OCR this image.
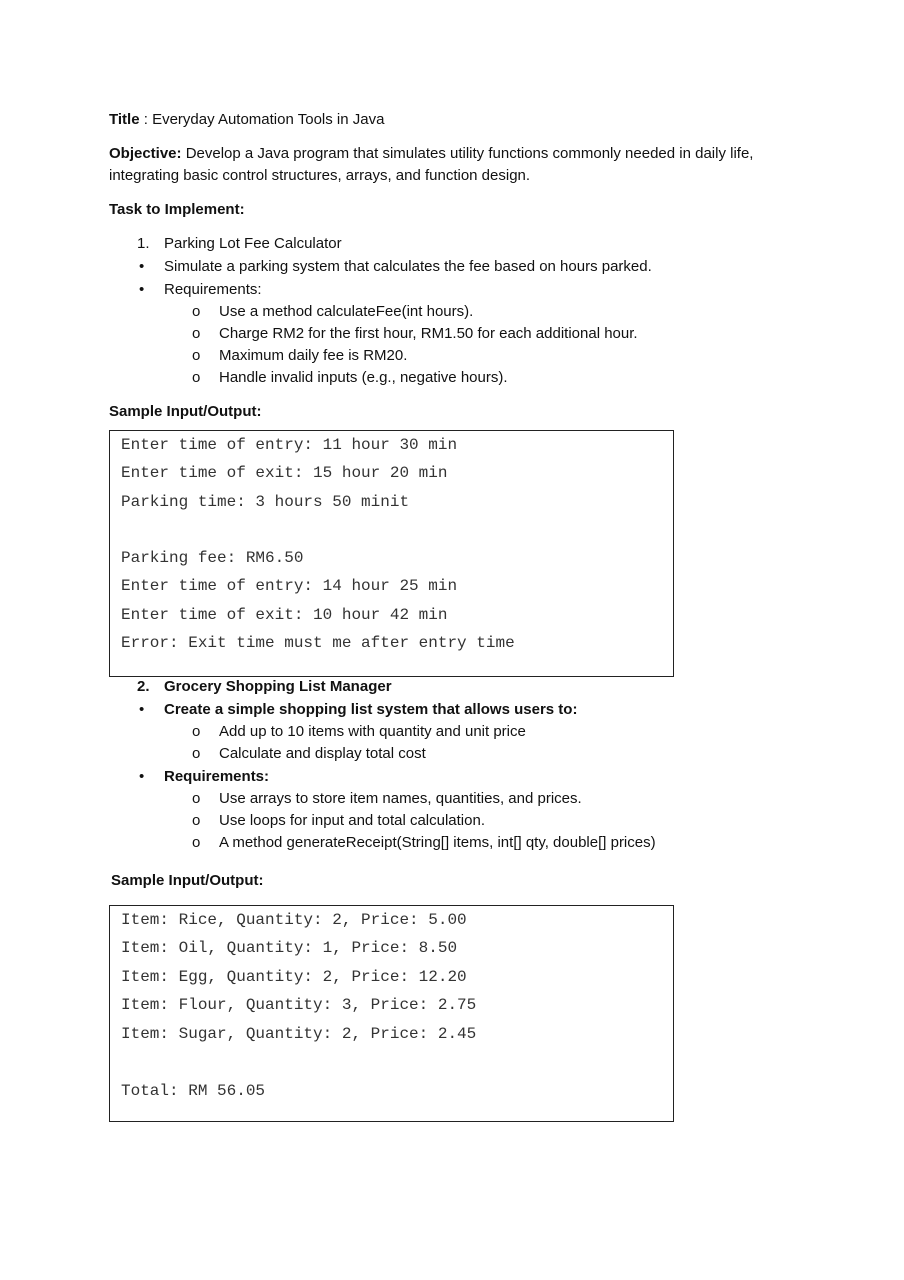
Title : Everyday Automation Tools in Java
Objective: Develop a Java program that simulates utility functions commonly needed in daily life,
integrating basic control structures, arrays, and function design.
Task to Implement:
1. Parking Lot Fee Calculator
• Simulate a parking system that calculates the fee based on hours parked.
• Requirements:
o Use a method calculateFee(int hours).
o Charge RM2 for the first hour, RM1.50 for each additional hour.
o Maximum daily fee is RM20.
o Handle invalid inputs (e.g., negative hours).
Sample Input/Output:
Enter time of entry: 11 hour 30 min
Enter time of exit: 15 hour 20 min
Parking time: 3 hours 50 minit
Parking fee: RM6.50
Enter time of entry: 14 hour 25 min
Enter time of exit: 10 hour 42 min
Error: Exit time must me after entry time
2. Grocery Shopping List Manager
• Create a simple shopping list system that allows users to:
o Add up to 10 items with quantity and unit price
o Calculate and display total cost
• Requirements:
o Use arrays to store item names, quantities, and prices.
o Use loops for input and total calculation.
o A method generateReceipt(String[] items, int[] qty, double[] prices)
Sample Input/Output:
Item: Rice, Quantity: 2, Price: 5.00
Item: Oil, Quantity: 1, Price: 8.50
Item: Egg, Quantity: 2, Price: 12.20
Item: Flour, Quantity: 3, Price: 2.75
Item: Sugar, Quantity: 2, Price: 2.45
Total: RM 56.05
